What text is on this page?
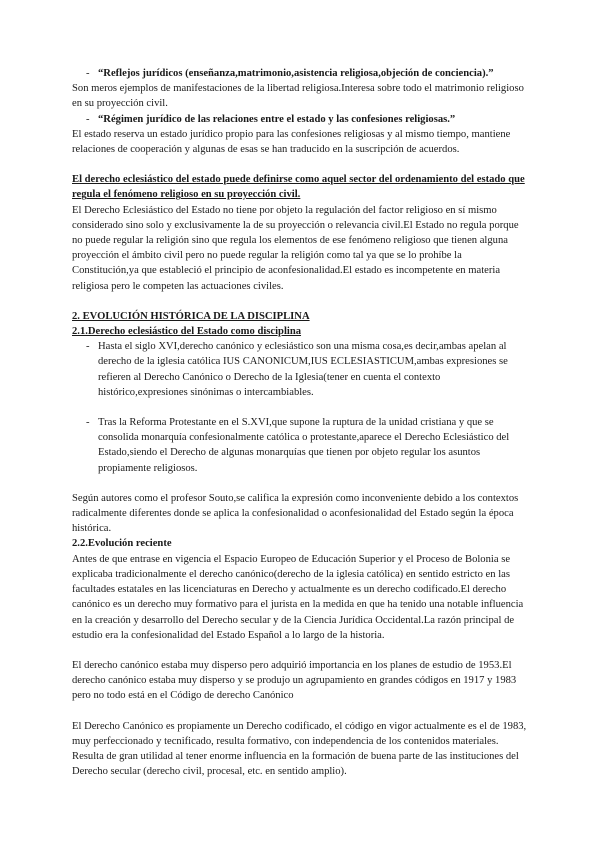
- “Reflejos jurídicos (enseñanza,matrimonio,asistencia religiosa,objeción de conciencia).”

Son meros ejemplos de manifestaciones de la libertad religiosa.Interesa sobre todo el matrimonio religioso en su proyección civil.

- “Régimen jurídico de las relaciones entre el estado y las confesiones religiosas.”

El estado reserva un estado jurídico propio para las confesiones religiosas y al mismo tiempo, mantiene relaciones de cooperación y algunas de esas se han traducido en la suscripción de acuerdos.

El derecho eclesiástico del estado puede definirse como aquel sector del ordenamiento del estado que regula el fenómeno religioso en su proyección civil.

El Derecho Eclesiástico del Estado no tiene por objeto la regulación del factor religioso en sí mismo considerado sino solo y exclusivamente la de su proyección o relevancia civil.El Estado no regula porque no puede regular la religión sino que regula los elementos de ese fenómeno religioso que tienen alguna proyección el ámbito civil pero no puede regular la religión como tal ya que se lo prohíbe la Constitución,ya que estableció el principio de aconfesionalidad.El estado es incompetente en materia religiosa pero le competen las actuaciones civiles.

2. EVOLUCIÓN HISTÓRICA DE LA DISCIPLINA

2.1.Derecho eclesiástico del Estado como disciplina

- Hasta el siglo XVI,derecho canónico y eclesiástico son una misma cosa,es decir,ambas apelan al derecho de la iglesia católica IUS CANONICUM,IUS ECLESIASTICUM,ambas expresiones se refieren al Derecho Canónico o Derecho de la Iglesia(tener en cuenta el contexto histórico,expresiones sinónimas o intercambiables.
- Tras la Reforma Protestante en el S.XVI,que supone la ruptura de la unidad cristiana y que se consolida monarquía confesionalmente católica o protestante,aparece el Derecho Eclesiástico del Estado,siendo el Derecho de algunas monarquías que tienen por objeto regular los asuntos propiamente religiosos.

Según autores como el profesor Souto,se califica la expresión como inconveniente debido a los contextos radicalmente diferentes donde se aplica la confesionalidad o aconfesionalidad del Estado según la época histórica.

2.2.Evolución reciente

Antes de que entrase en vigencia el Espacio Europeo de Educación Superior y el Proceso de Bolonia se explicaba tradicionalmente el derecho canónico(derecho de la iglesia católica) en sentido estricto en las facultades estatales en las licenciaturas en Derecho y actualmente es un derecho codificado.El derecho canónico es un derecho muy formativo para el jurista en la medida en que ha tenido una notable influencia en la creación y desarrollo del Derecho secular y de la Ciencia Jurídica Occidental.La razón principal de estudio era la confesionalidad del Estado Español a lo largo de la historia.

El derecho canónico estaba muy disperso pero adquirió importancia en los planes de estudio de 1953.El derecho canónico estaba muy disperso y se produjo un agrupamiento en grandes códigos en 1917 y 1983 pero no todo está en el Código de derecho Canónico

El Derecho Canónico es propiamente un Derecho codificado, el código en vigor actualmente es el de 1983, muy perfeccionado y tecnificado, resulta formativo, con independencia de los contenidos materiales. Resulta de gran utilidad al tener enorme influencia en la formación de buena parte de las instituciones del Derecho secular (derecho civil, procesal, etc. en sentido amplio).
